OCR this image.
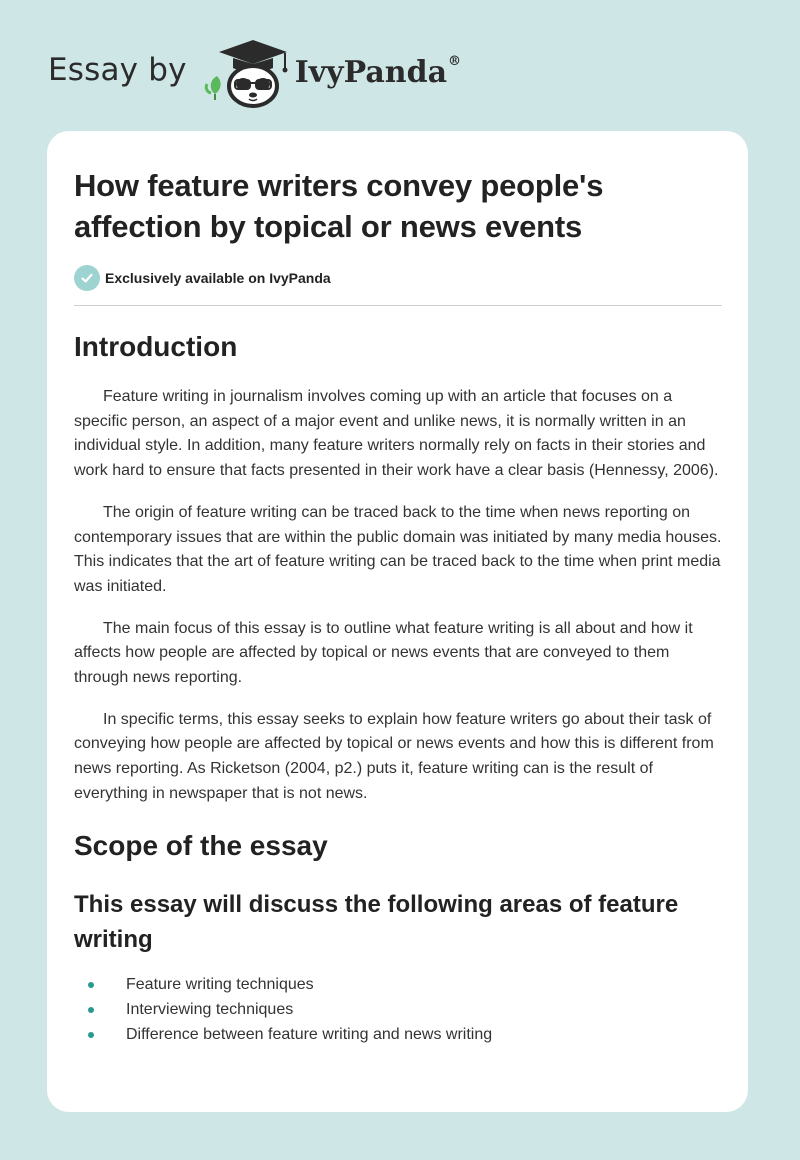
Essay by	IvyPanda®
How feature writers convey people's affection by topical or news events
Exclusively available on IvyPanda
Introduction

Feature writing in journalism involves coming up with an article that focuses on a specific person, an aspect of a major event and unlike news, it is normally written in an individual style. In addition, many feature writers normally rely on facts in their stories and work hard to ensure that facts presented in their work have a clear basis (Hennessy, 2006).

The origin of feature writing can be traced back to the time when news reporting on contemporary issues that are within the public domain was initiated by many media houses. This indicates that the art of feature writing can be traced back to the time when print media was initiated.

The main focus of this essay is to outline what feature writing is all about and how it affects how people are affected by topical or news events that are conveyed to them through news reporting.

In specific terms, this essay seeks to explain how feature writers go about their task of conveying how people are affected by topical or news events and how this is different from news reporting. As Ricketson (2004, p2.) puts it, feature writing can is the result of everything in newspaper that is not news.

Scope of the essay
This essay will discuss the following areas of feature writing
Feature writing techniques
Interviewing techniques
Difference between feature writing and news writing
